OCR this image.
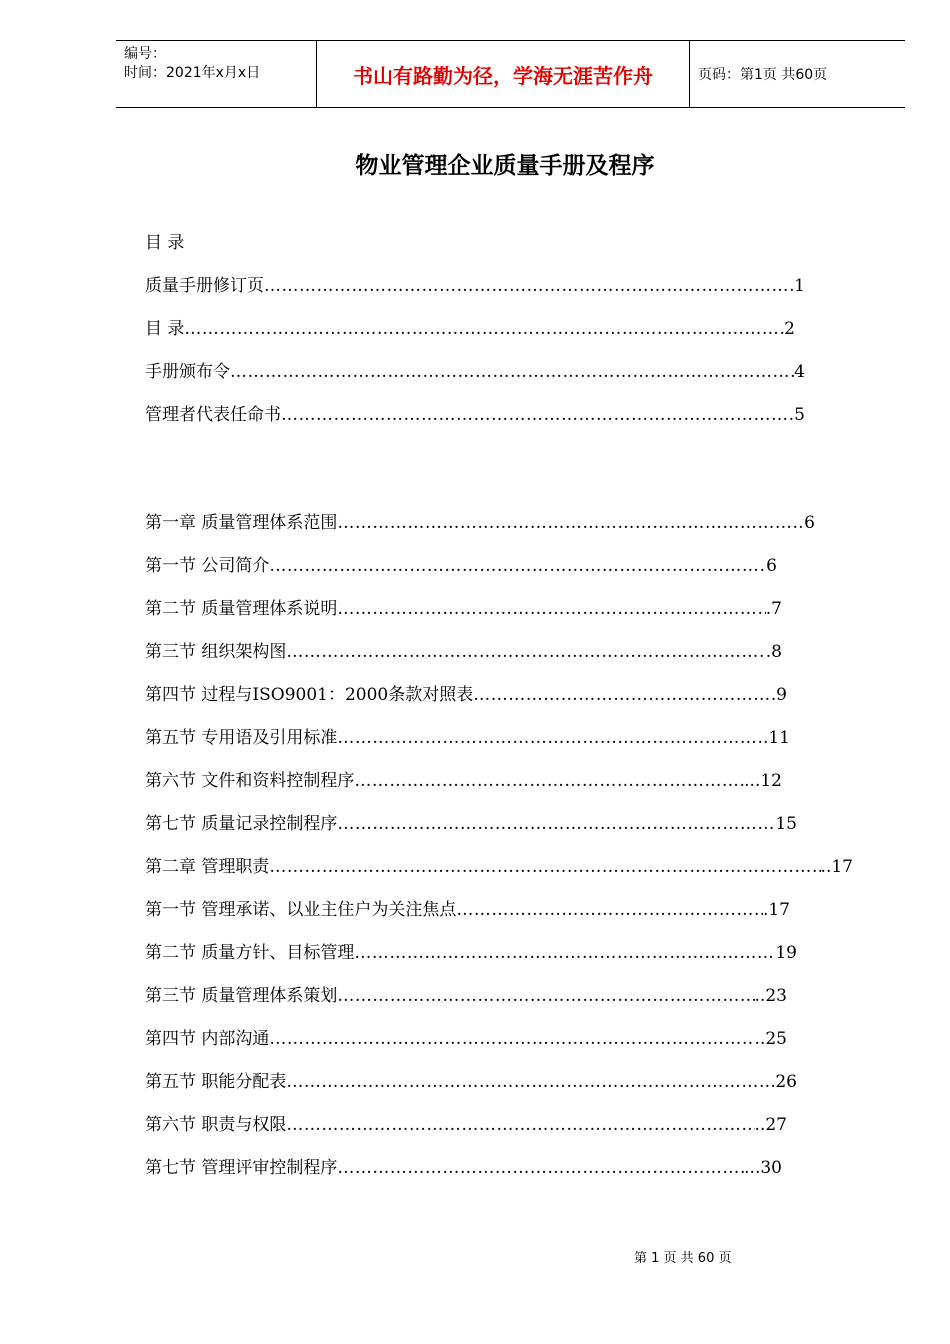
编号：
时间：2021年x月x日	书山有路勤为径，学海无涯苦作舟	页码：第1页 共60页
物业管理企业质量手册及程序
目 录
质量手册修订页 …………………………………………………………………………………………………………………………………………………………………………	1
目 录 …………………………………………………………………………………………………………………………………………………………………………	2
手册颁布令 …………………………………………………………………………………………………………………………………………………………………………	4
管理者代表任命书 …………………………………………………………………………………………………………………………………………………………………………	5
第一章 质量管理体系范围 …………………………………………………………………………………………………………………………………………………………………………	6
第一节 公司简介 …………………………………………………………………………………………………………………………………………………………………………	6
第二节 质量管理体系说明 …………………………………………………………………………………………………………………………………………………………………………	.7
第三节 组织架构图 …………………………………………………………………………………………………………………………………………………………………………	.8
第四节 过程与ISO9001：2000条款对照表 …………………………………………………………………………………………………………………………………………………………………………	9
第五节 专用语及引用标准 …………………………………………………………………………………………………………………………………………………………………………	.11
第六节 文件和资料控制程序 …………………………………………………………………………………………………………………………………………………………………………	...12
第七节 质量记录控制程序 …………………………………………………………………………………………………………………………………………………………………………	15
第二章 管理职责 …………………………………………………………………………………………………………………………………………………………………………	..17
第一节 管理承诺、以业主住户为关注焦点 …………………………………………………………………………………………………………………………………………………………………………	.17
第二节 质量方针、目标管理 …………………………………………………………………………………………………………………………………………………………………………	19
第三节 质量管理体系策划 …………………………………………………………………………………………………………………………………………………………………………	..23
第四节 内部沟通 …………………………………………………………………………………………………………………………………………………………………………	..25
第五节 职能分配表 …………………………………………………………………………………………………………………………………………………………………………	26
第六节 职责与权限 …………………………………………………………………………………………………………………………………………………………………………	..27
第七节 管理评审控制程序 …………………………………………………………………………………………………………………………………………………………………………	...30
第 1 页 共 60 页
